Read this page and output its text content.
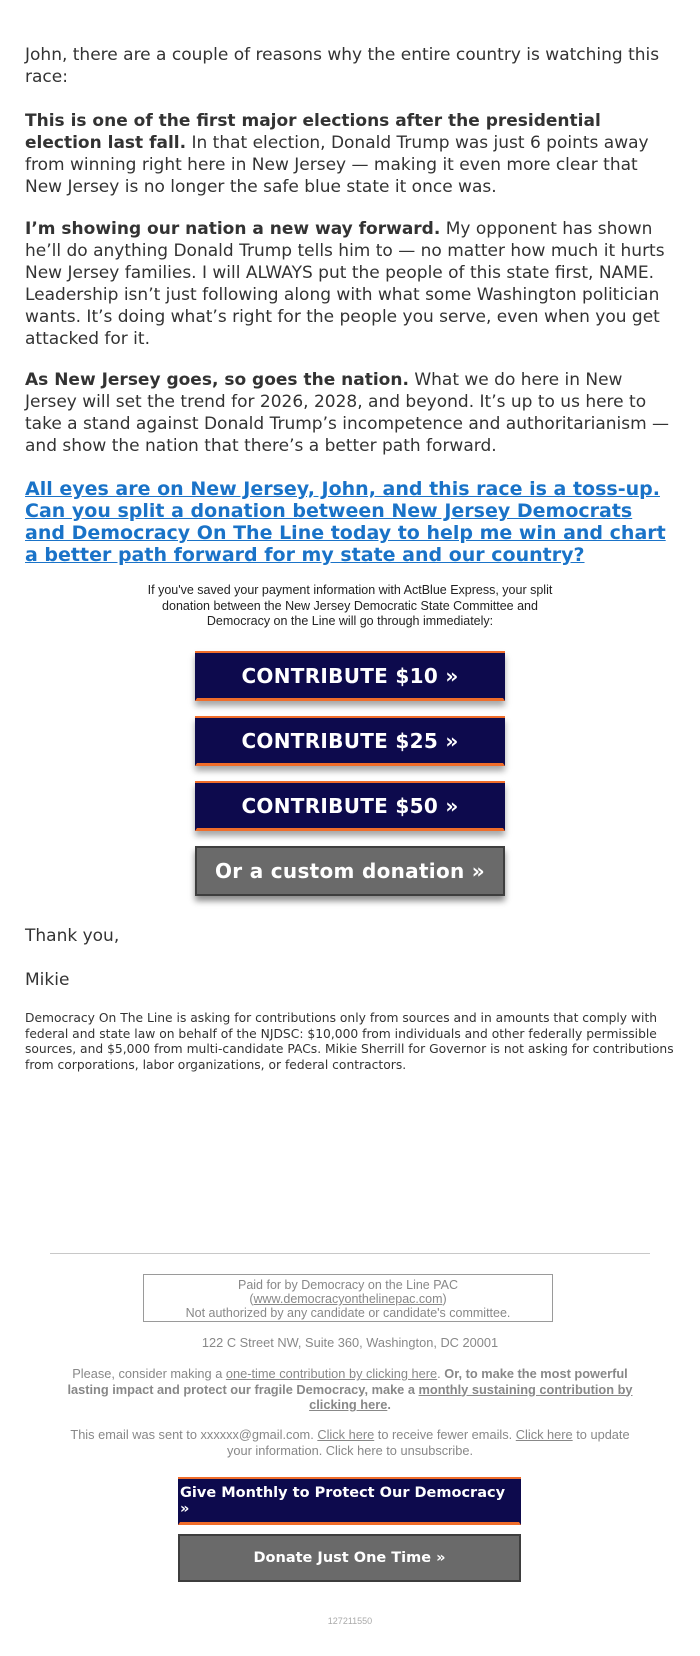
John, there are a couple of reasons why the entire country is watching this race:

This is one of the first major elections after the presidential election last fall. In that election, Donald Trump was just 6 points away from winning right here in New Jersey — making it even more clear that New Jersey is no longer the safe blue state it once was.

I’m showing our nation a new way forward. My opponent has shown he’ll do anything Donald Trump tells him to — no matter how much it hurts New Jersey families. I will ALWAYS put the people of this state first, NAME. Leadership isn’t just following along with what some Washington politician wants. It’s doing what’s right for the people you serve, even when you get attacked for it.

As New Jersey goes, so goes the nation. What we do here in New Jersey will set the trend for 2026, 2028, and beyond. It’s up to us here to take a stand against Donald Trump’s incompetence and authoritarianism — and show the nation that there’s a better path forward.

All eyes are on New Jersey, John, and this race is a toss-up. Can you split a donation between New Jersey Democrats and Democracy On The Line today to help me win and chart a better path forward for my state and our country?
If you've saved your payment information with ActBlue Express, your split donation between the New Jersey Democratic State Committee and Democracy on the Line will go through immediately:
CONTRIBUTE $10 »
CONTRIBUTE $25 »
CONTRIBUTE $50 »
Or a custom donation »
Thank you,
Mikie
Democracy On The Line is asking for contributions only from sources and in amounts that comply with federal and state law on behalf of the NJDSC: $10,000 from individuals and other federally permissible sources, and $5,000 from multi-candidate PACs. Mikie Sherrill for Governor is not asking for contributions from corporations, labor organizations, or federal contractors.
Paid for by Democracy on the Line PAC
(www.democracyonthelinepac.com)
Not authorized by any candidate or candidate's committee.
122 C Street NW, Suite 360, Washington, DC 20001
Please, consider making a one-time contribution by clicking here. Or, to make the most powerful lasting impact and protect our fragile Democracy, make a monthly sustaining contribution by clicking here.
This email was sent to xxxxxx@gmail.com. Click here to receive fewer emails. Click here to update your information. Click here to unsubscribe.
Give Monthly to Protect Our Democracy »
Donate Just One Time »
127211550
